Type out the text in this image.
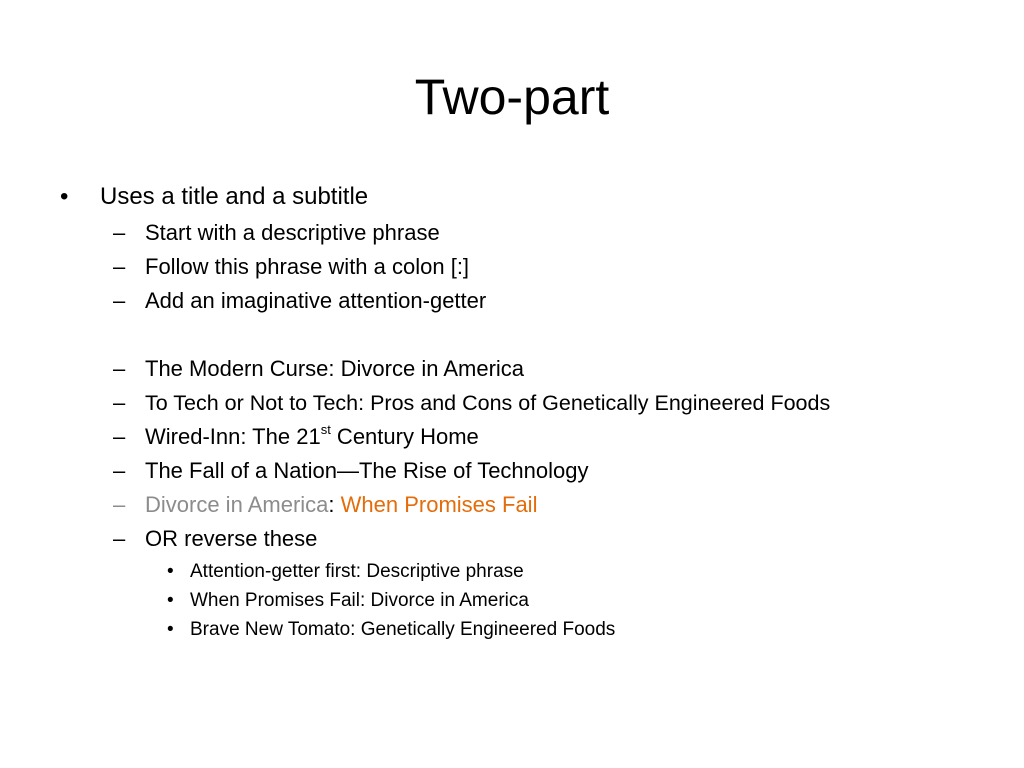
Two-part
• Uses a title and a subtitle
– Start with a descriptive phrase
– Follow this phrase with a colon [:]
– Add an imaginative attention-getter
– The Modern Curse: Divorce in America
– To Tech or Not to Tech: Pros and Cons of Genetically Engineered Foods
– Wired-Inn: The 21st Century Home
– The Fall of a Nation—The Rise of Technology
– Divorce in America: When Promises Fail
– OR reverse these
• Attention-getter first: Descriptive phrase
• When Promises Fail: Divorce in America
• Brave New Tomato: Genetically Engineered Foods
